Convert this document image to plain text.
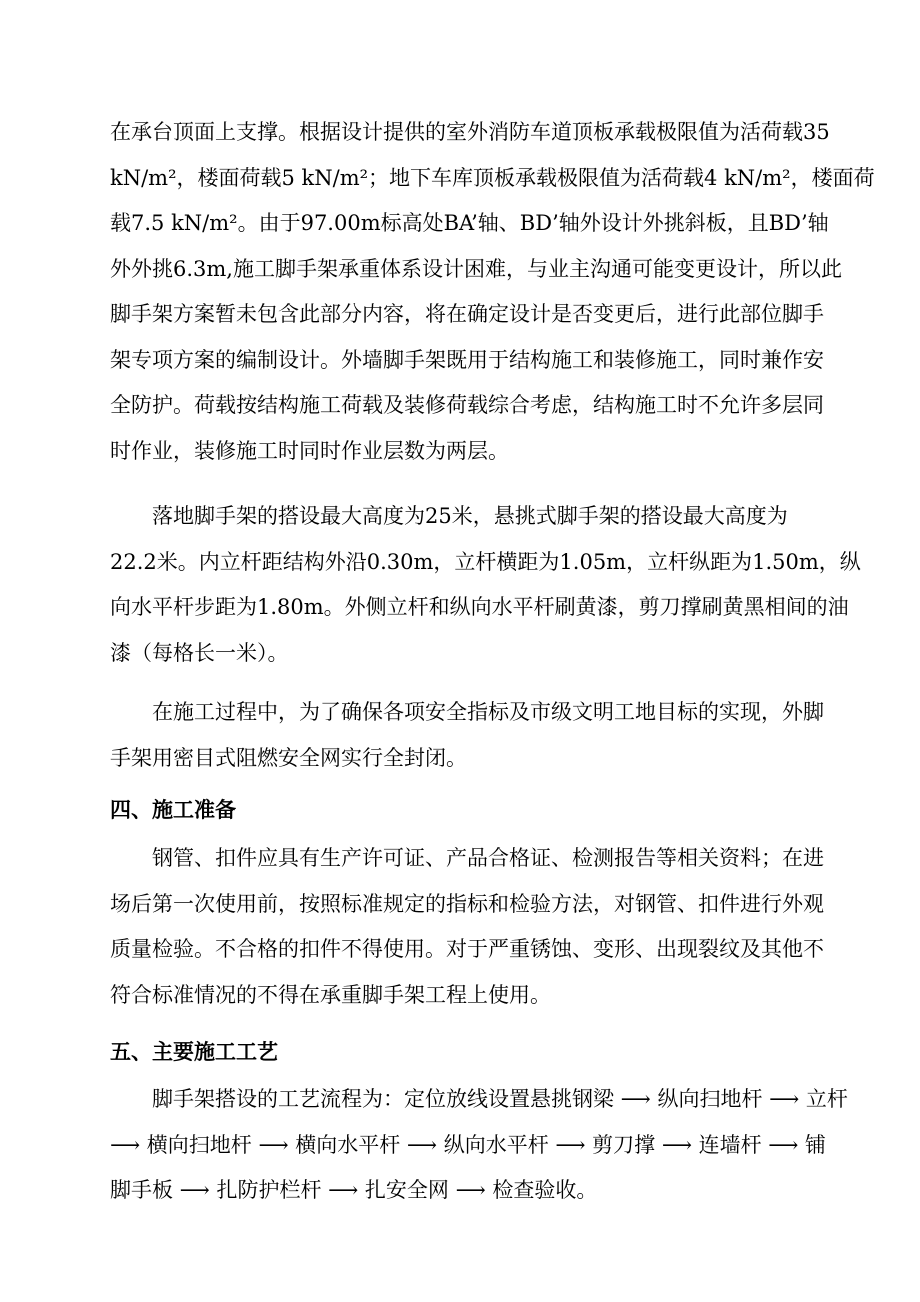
在承台顶面上支撑。根据设计提供的室外消防车道顶板承载极限值为活荷载35
kN/m²，楼面荷载5 kN/m²；地下车库顶板承载极限值为活荷载4 kN/m²，楼面荷
载7.5 kN/m²。由于97.00m标高处BA’轴、BD’轴外设计外挑斜板，且BD’轴
外外挑6.3m,施工脚手架承重体系设计困难，与业主沟通可能变更设计，所以此
脚手架方案暂未包含此部分内容，将在确定设计是否变更后，进行此部位脚手
架专项方案的编制设计。外墙脚手架既用于结构施工和装修施工，同时兼作安
全防护。荷载按结构施工荷载及装修荷载综合考虑，结构施工时不允许多层同
时作业，装修施工时同时作业层数为两层。
落地脚手架的搭设最大高度为25米，悬挑式脚手架的搭设最大高度为
22.2米。内立杆距结构外沿0.30m，立杆横距为1.05m，立杆纵距为1.50m，纵
向水平杆步距为1.80m。外侧立杆和纵向水平杆刷黄漆，剪刀撑刷黄黑相间的油
漆（每格长一米）。
在施工过程中，为了确保各项安全指标及市级文明工地目标的实现，外脚
手架用密目式阻燃安全网实行全封闭。
四、施工准备
钢管、扣件应具有生产许可证、产品合格证、检测报告等相关资料；在进
场后第一次使用前，按照标准规定的指标和检验方法，对钢管、扣件进行外观
质量检验。不合格的扣件不得使用。对于严重锈蚀、变形、出现裂纹及其他不
符合标准情况的不得在承重脚手架工程上使用。
五、主要施工工艺
脚手架搭设的工艺流程为：定位放线设置悬挑钢梁 ⟶ 纵向扫地杆 ⟶ 立杆
⟶ 横向扫地杆 ⟶ 横向水平杆 ⟶ 纵向水平杆 ⟶ 剪刀撑 ⟶ 连墙杆 ⟶ 铺
脚手板 ⟶ 扎防护栏杆 ⟶ 扎安全网 ⟶ 检查验收。
